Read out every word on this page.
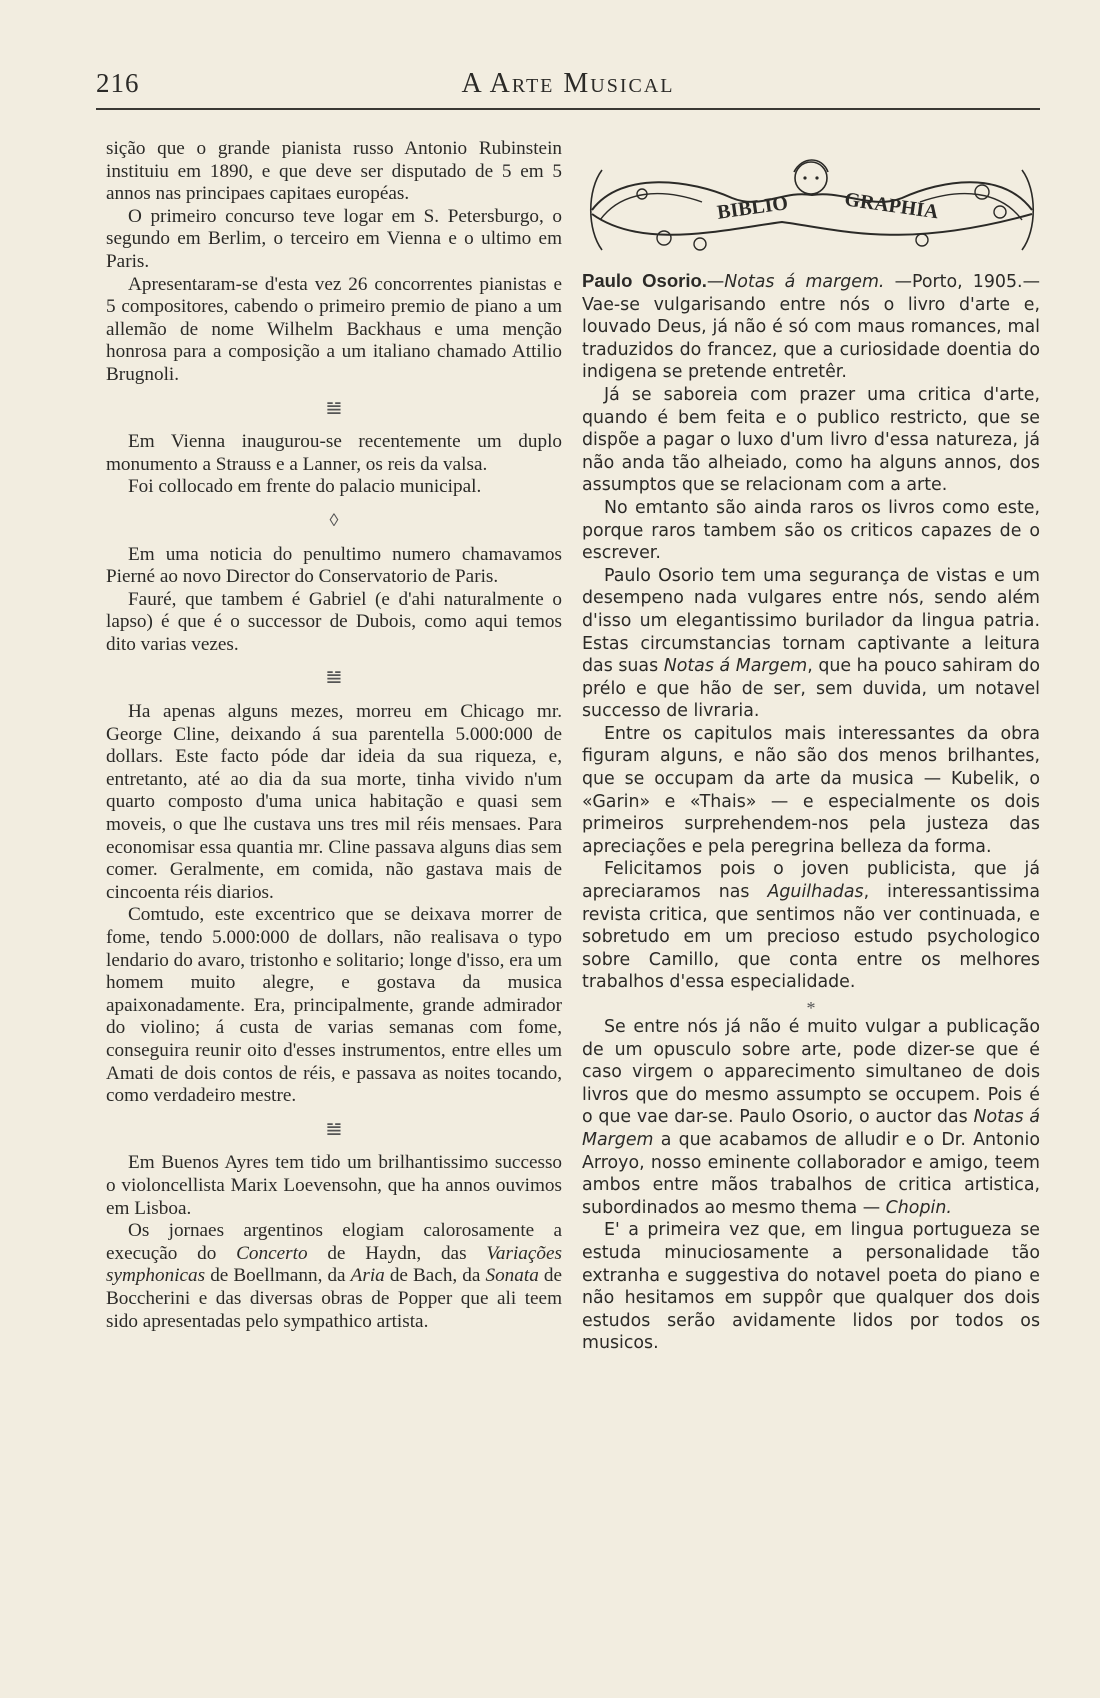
216	A Arte Musical

sição que o grande pianista russo Antonio Rubinstein instituiu em 1890, e que deve ser disputado de 5 em 5 annos nas principaes capitaes européas.

O primeiro concurso teve logar em S. Petersburgo, o segundo em Berlim, o terceiro em Vienna e o ultimo em Paris.

Apresentaram-se d'esta vez 26 concorrentes pianistas e 5 compositores, cabendo o primeiro premio de piano a um allemão de nome Wilhelm Backhaus e uma menção honrosa para a composição a um italiano chamado Attilio Brugnoli.

𝌡

Em Vienna inaugurou-se recentemente um duplo monumento a Strauss e a Lanner, os reis da valsa.

Foi collocado em frente do palacio municipal.

◊

Em uma noticia do penultimo numero chamavamos Pierné ao novo Director do Conservatorio de Paris.

Fauré, que tambem é Gabriel (e d'ahi naturalmente o lapso) é que é o successor de Dubois, como aqui temos dito varias vezes.

𝌡

Ha apenas alguns mezes, morreu em Chicago mr. George Cline, deixando á sua parentella 5.000:000 de dollars. Este facto póde dar ideia da sua riqueza, e, entretanto, até ao dia da sua morte, tinha vivido n'um quarto composto d'uma unica habitação e quasi sem moveis, o que lhe custava uns tres mil réis mensaes. Para economisar essa quantia mr. Cline passava alguns dias sem comer. Geralmente, em comida, não gastava mais de cincoenta réis diarios.

Comtudo, este excentrico que se deixava morrer de fome, tendo 5.000:000 de dollars, não realisava o typo lendario do avaro, tristonho e solitario; longe d'isso, era um homem muito alegre, e gostava da musica apaixonadamente. Era, principalmente, grande admirador do violino; á custa de varias semanas com fome, conseguira reunir oito d'esses instrumentos, entre elles um Amati de dois contos de réis, e passava as noites tocando, como verdadeiro mestre.

𝌡

Em Buenos Ayres tem tido um brilhantissimo successo o violoncellista Marix Loevensohn, que ha annos ouvimos em Lisboa.

Os jornaes argentinos elogiam calorosamente a execução do Concerto de Haydn, das Variações symphonicas de Boellmann, da Aria de Bach, da Sonata de Boccherini e das diversas obras de Popper que ali teem sido apresentadas pelo sympathico artista.

BIBLIO	GRAPHIA

Paulo Osorio.—Notas á margem. —Porto, 1905.— Vae-se vulgarisando entre nós o livro d'arte e, louvado Deus, já não é só com maus romances, mal traduzidos do francez, que a curiosidade doentia do indigena se pretende entretêr.

Já se saboreia com prazer uma critica d'arte, quando é bem feita e o publico restricto, que se dispõe a pagar o luxo d'um livro d'essa natureza, já não anda tão alheiado, como ha alguns annos, dos assumptos que se relacionam com a arte.

No emtanto são ainda raros os livros como este, porque raros tambem são os criticos capazes de o escrever.

Paulo Osorio tem uma segurança de vistas e um desempeno nada vulgares entre nós, sendo além d'isso um elegantissimo burilador da lingua patria. Estas circumstancias tornam captivante a leitura das suas Notas á Margem, que ha pouco sahiram do prélo e que hão de ser, sem duvida, um notavel successo de livraria.

Entre os capitulos mais interessantes da obra figuram alguns, e não são dos menos brilhantes, que se occupam da arte da musica — Kubelik, o «Garin» e «Thais» — e especialmente os dois primeiros surprehendem-nos pela justeza das apreciações e pela peregrina belleza da forma.

Felicitamos pois o joven publicista, que já apreciaramos nas Aguilhadas, interessantissima revista critica, que sentimos não ver continuada, e sobretudo em um precioso estudo psychologico sobre Camillo, que conta entre os melhores trabalhos d'essa especialidade.

*

Se entre nós já não é muito vulgar a publicação de um opusculo sobre arte, pode dizer-se que é caso virgem o apparecimento simultaneo de dois livros que do mesmo assumpto se occupem. Pois é o que vae dar-se. Paulo Osorio, o auctor das Notas á Margem a que acabamos de alludir e o Dr. Antonio Arroyo, nosso eminente collaborador e amigo, teem ambos entre mãos trabalhos de critica artistica, subordinados ao mesmo thema — Chopin.

E' a primeira vez que, em lingua portugueza se estuda minuciosamente a personalidade tão extranha e suggestiva do notavel poeta do piano e não hesitamos em suppôr que qualquer dos dois estudos serão avidamente lidos por todos os musicos.
